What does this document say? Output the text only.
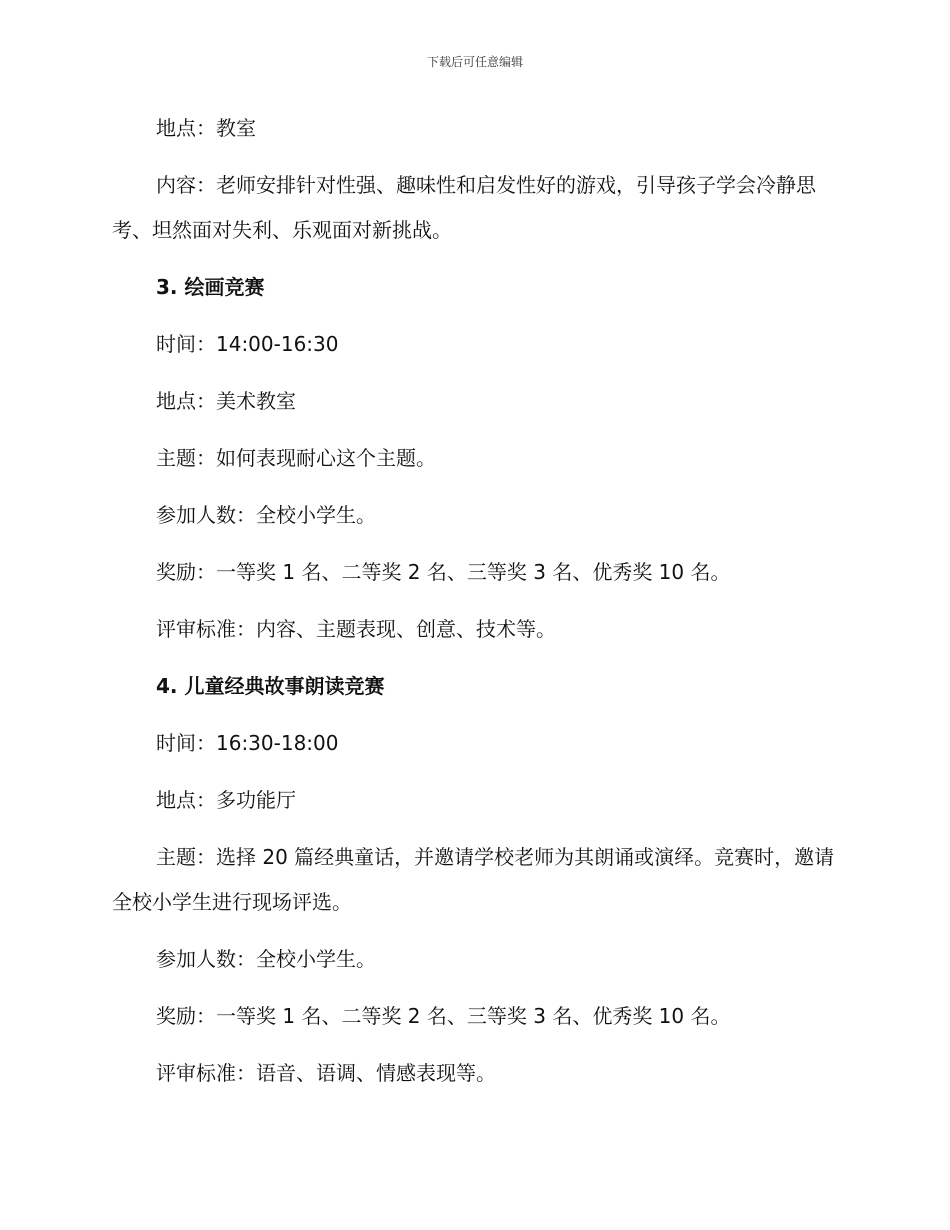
下载后可任意编辑

地点：教室

内容：老师安排针对性强、趣味性和启发性好的游戏，引导孩子学会冷静思考、坦然面对失利、乐观面对新挑战。

3. 绘画竞赛

时间：14:00-16:30

地点：美术教室

主题：如何表现耐心这个主题。

参加人数：全校小学生。

奖励：一等奖 1 名、二等奖 2 名、三等奖 3 名、优秀奖 10 名。

评审标准：内容、主题表现、创意、技术等。

4. 儿童经典故事朗读竞赛

时间：16:30-18:00

地点：多功能厅

主题：选择 20 篇经典童话，并邀请学校老师为其朗诵或演绎。竞赛时，邀请全校小学生进行现场评选。

参加人数：全校小学生。

奖励：一等奖 1 名、二等奖 2 名、三等奖 3 名、优秀奖 10 名。

评审标准：语音、语调、情感表现等。
